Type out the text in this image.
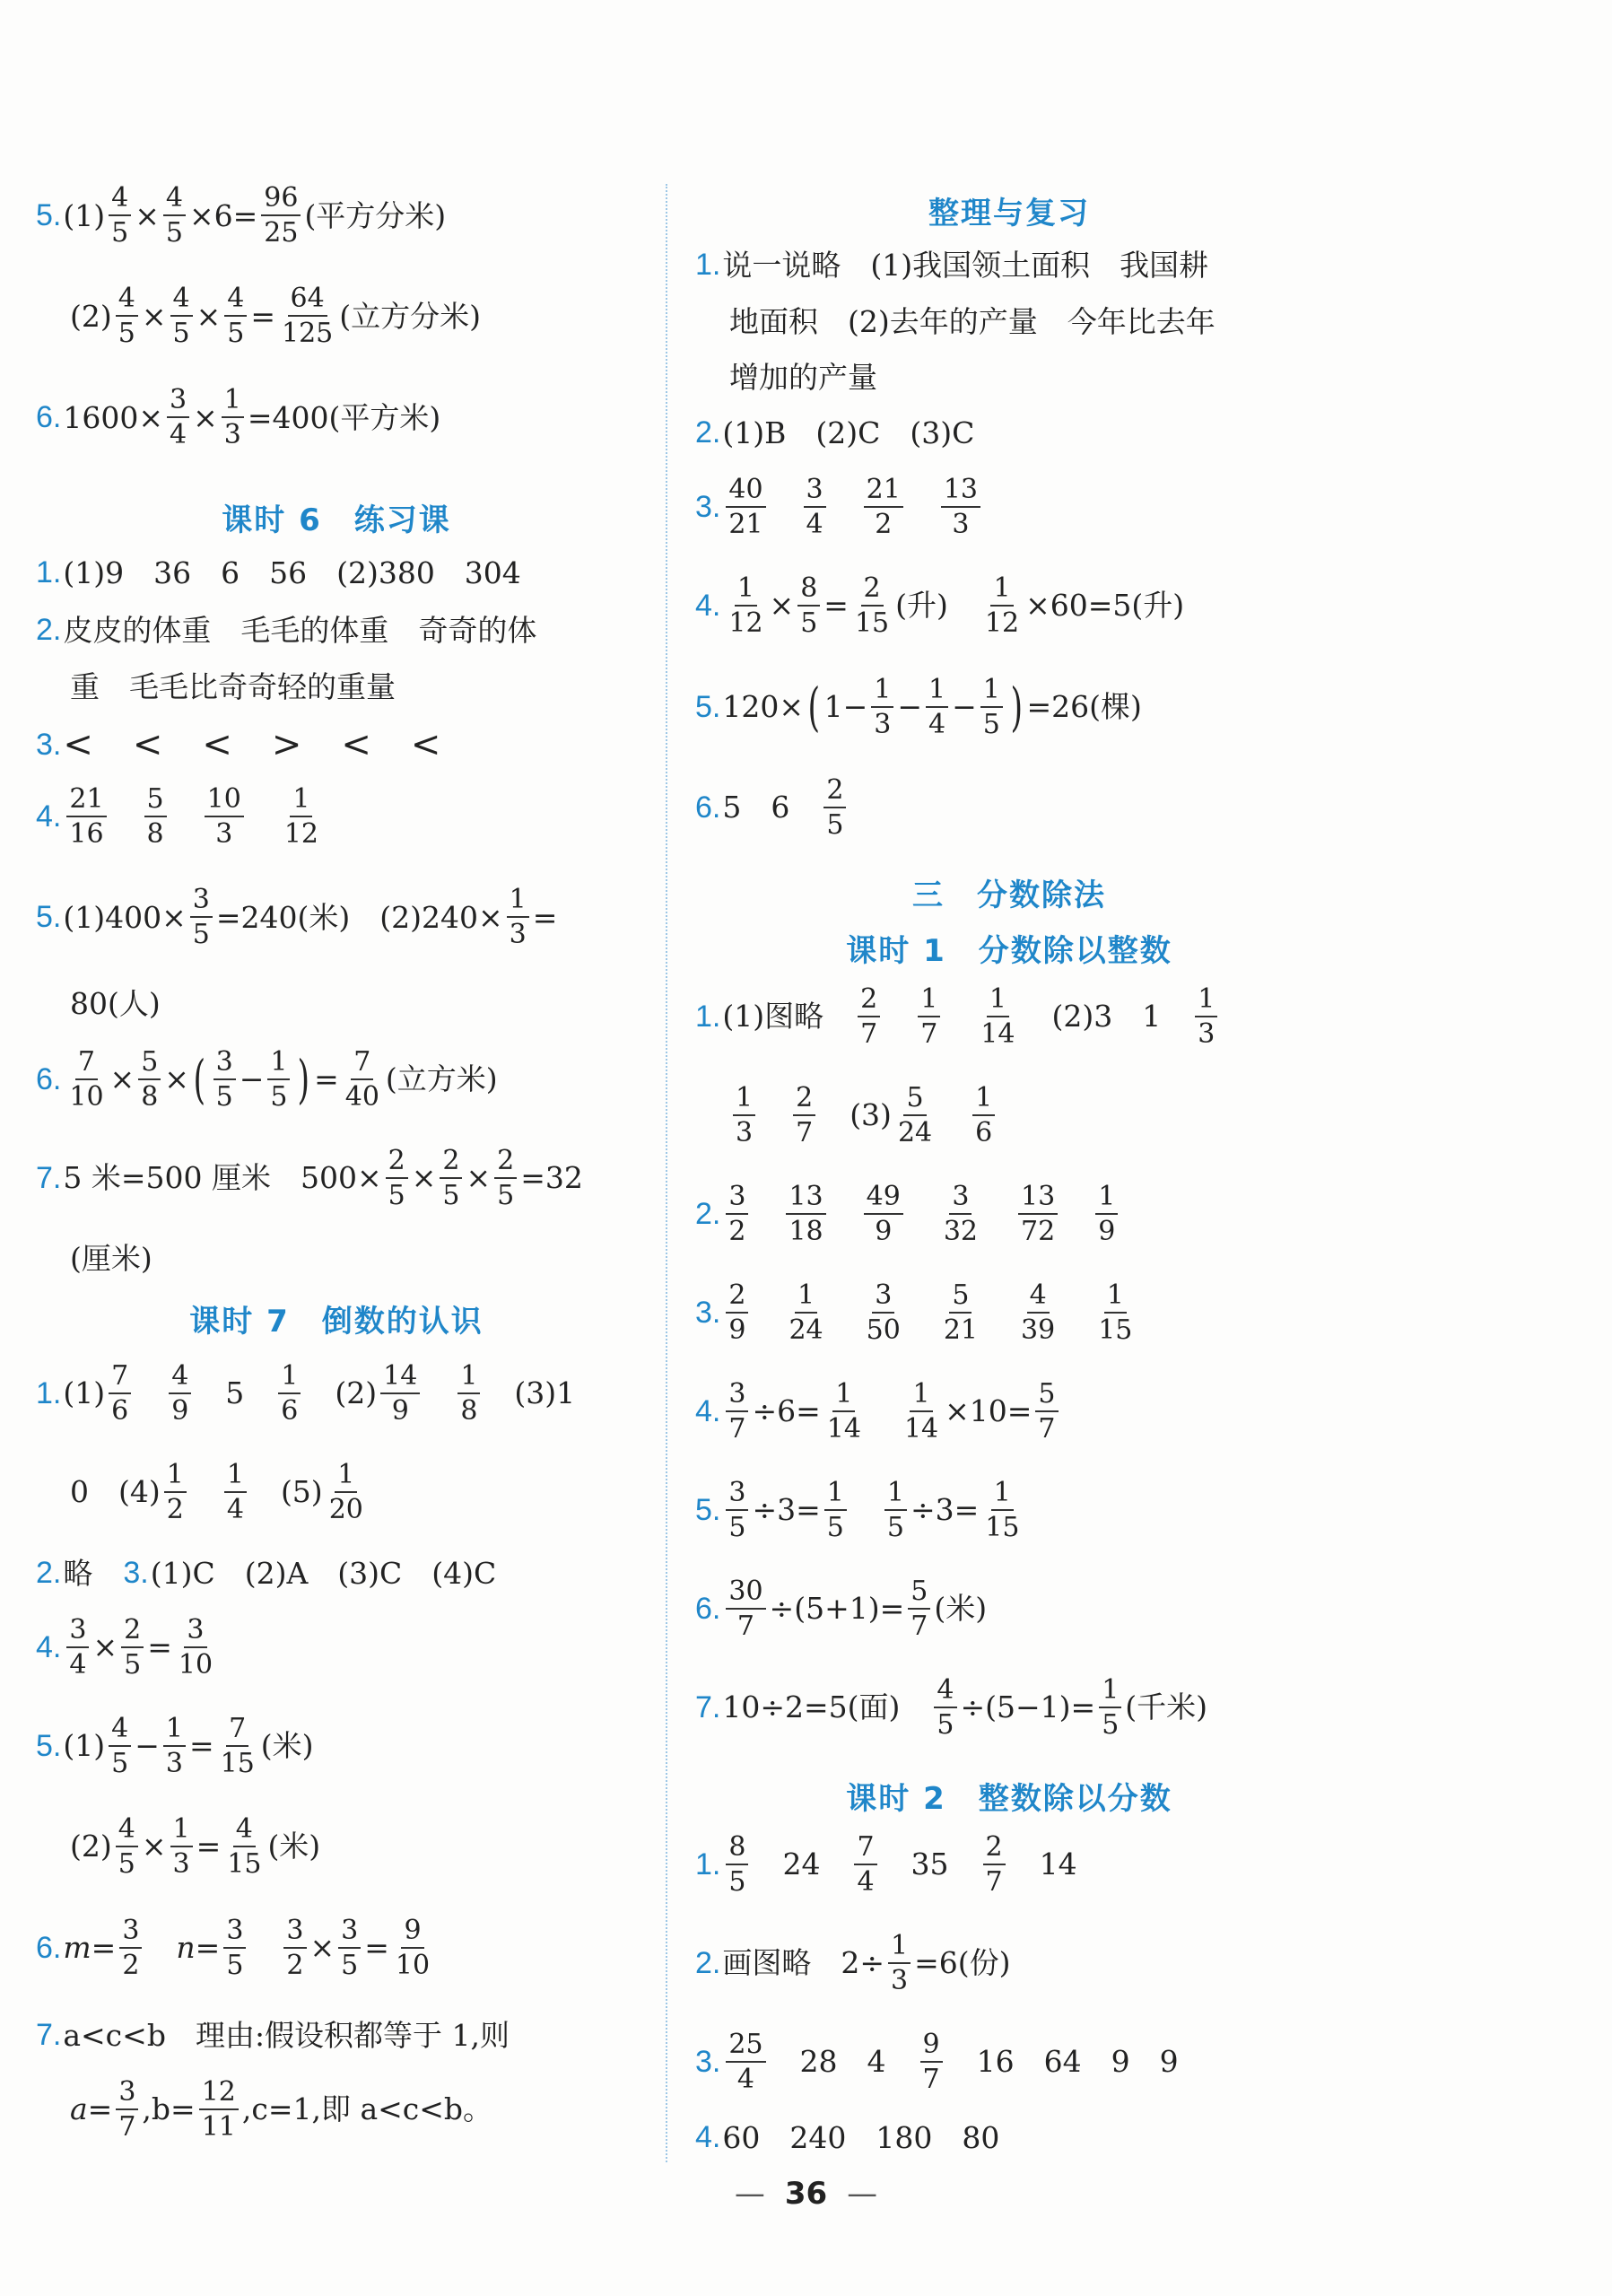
5. $(1) \frac{4}{5} \times \frac{4}{5} \times 6= \frac{96}{25}$ (平方分米)
$(2) \frac{4}{5} \times \frac{4}{5} \times \frac{4}{5} = \frac{64}{125}$ (立方分米)
6. $1600\times \frac{3}{4} \times \frac{1}{3} =400$(平方米)
课时 6　练习课
1. (1)9　36　6　56　(2)380　304
2. 皮皮的体重　毛毛的体重　奇奇的体
重　毛毛比奇奇轻的重量
3. <　<　<　>　<　<
4. $\frac{21}{16} \frac{5}{8} \frac{10}{3} \frac{1}{12}$
5. $(1)400\times \frac{3}{5} =240$(米)　$(2)240\times \frac{1}{3}$ =
80(人)
6. $\frac{7}{10} \times \frac{5}{8}$ × ( $\frac{3}{5} - \frac{1}{5}$ ) = $\frac{7}{40}$ (立方米)
7. 5 米=500 厘米　$500\times \frac{2}{5} \times \frac{2}{5} \times \frac{2}{5} =32$
(厘米)
课时 7　倒数的认识
1. $(1) \frac{7}{6} \frac{4}{9} 5 \frac{1}{6} (2) \frac{14}{9} \frac{1}{8} (3)1$
0　$(4) \frac{1}{2} \frac{1}{4} (5) \frac{1}{20}$
2. 略 3. (1)C　(2)A　(3)C　(4)C
4. $\frac{3}{4} \times \frac{2}{5} = \frac{3}{10}$
5. $(1) \frac{4}{5} - \frac{1}{3} = \frac{7}{15}$ (米)
$(2) \frac{4}{5} \times \frac{1}{3} = \frac{4}{15}$ (米)
6. $m= \frac{3}{2} n= \frac{3}{5} \frac{3}{2} \times \frac{3}{5} = \frac{9}{10}$
7. a<c<b　理由:假设积都等于 1,则
$a= \frac{3}{7} ,b= \frac{12}{11} ,c=1$,即 a<c<b。
整理与复习
1. 说一说略　(1)我国领土面积　我国耕
地面积　(2)去年的产量　今年比去年
增加的产量
2. (1)B　(2)C　(3)C
3. $\frac{40}{21} \frac{3}{4} \frac{21}{2} \frac{13}{3}$
4. $\frac{1}{12} \times \frac{8}{5} = \frac{2}{15}$ (升) $\frac{1}{12} \times 60=5$(升)
5. 120× ( $1- \frac{1}{3} - \frac{1}{4} - \frac{1}{5}$ ) =26(棵)
6. 5　$6 \frac{2}{5}$
三　分数除法
课时 1　分数除以整数
1. (1)图略 $\frac{2}{7} \frac{1}{7} \frac{1}{14} (2)3$　$1 \frac{1}{3}$
$\frac{1}{3} \frac{2}{7} (3) \frac{5}{24} \frac{1}{6}$
2. $\frac{3}{2} \frac{13}{18} \frac{49}{9} \frac{3}{32} \frac{13}{72} \frac{1}{9}$
3. $\frac{2}{9} \frac{1}{24} \frac{3}{50} \frac{5}{21} \frac{4}{39} \frac{1}{15}$
4. $\frac{3}{7} \div 6= \frac{1}{14} \frac{1}{14} \times 10= \frac{5}{7}$
5. $\frac{3}{5} \div 3= \frac{1}{5} \frac{1}{5} \div 3= \frac{1}{15}$
6. $\frac{30}{7} \div(5+1)= \frac{5}{7}$ (米)
7. 10÷2=5(面) $\frac{4}{5} \div(5-1)= \frac{1}{5}$ (千米)
课时 2　整数除以分数
1. $\frac{8}{5} 24 \frac{7}{4} 35 \frac{2}{7} 14$
2. 画图略　$2\div \frac{1}{3} =6$(份)
3. $\frac{25}{4} 28$　$4 \frac{9}{7} 16$　64　9　9
4. 60　240　180　80
— 36 —
